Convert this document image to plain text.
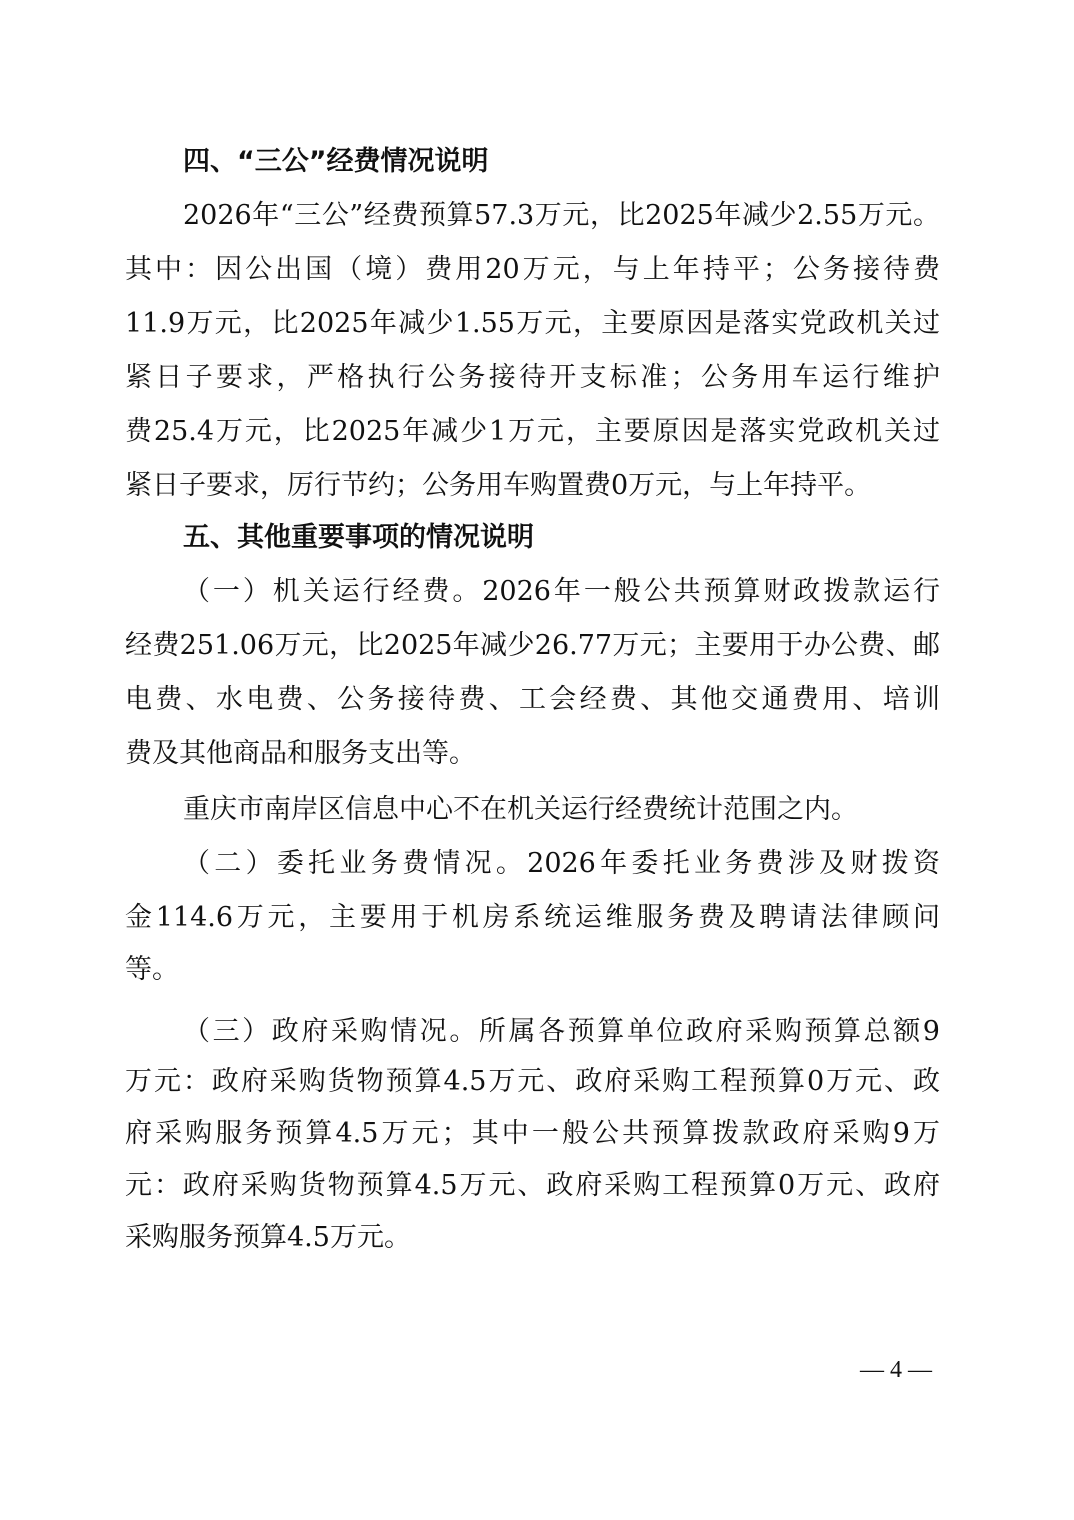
四、“三公”经费情况说明
2026年“三公”经费预算57.3万元，比2025年减少2.55万元。
其中：因公出国（境）费用20万元，与上年持平；公务接待费
11.9万元，比2025年减少1.55万元，主要原因是落实党政机关过
紧日子要求，严格执行公务接待开支标准；公务用车运行维护
费25.4万元，比2025年减少1万元，主要原因是落实党政机关过
紧日子要求，厉行节约；公务用车购置费0万元，与上年持平。
五、其他重要事项的情况说明
（一）机关运行经费。2026年一般公共预算财政拨款运行
经费251.06万元，比2025年减少26.77万元；主要用于办公费、邮
电费、水电费、公务接待费、工会经费、其他交通费用、培训
费及其他商品和服务支出等。
重庆市南岸区信息中心不在机关运行经费统计范围之内。
（二）委托业务费情况。2026年委托业务费涉及财拨资
金114.6万元，主要用于机房系统运维服务费及聘请法律顾问
等。
（三）政府采购情况。所属各预算单位政府采购预算总额9
万元：政府采购货物预算4.5万元、政府采购工程预算0万元、政
府采购服务预算4.5万元；其中一般公共预算拨款政府采购9万
元：政府采购货物预算4.5万元、政府采购工程预算0万元、政府
采购服务预算4.5万元。
— 4 —
